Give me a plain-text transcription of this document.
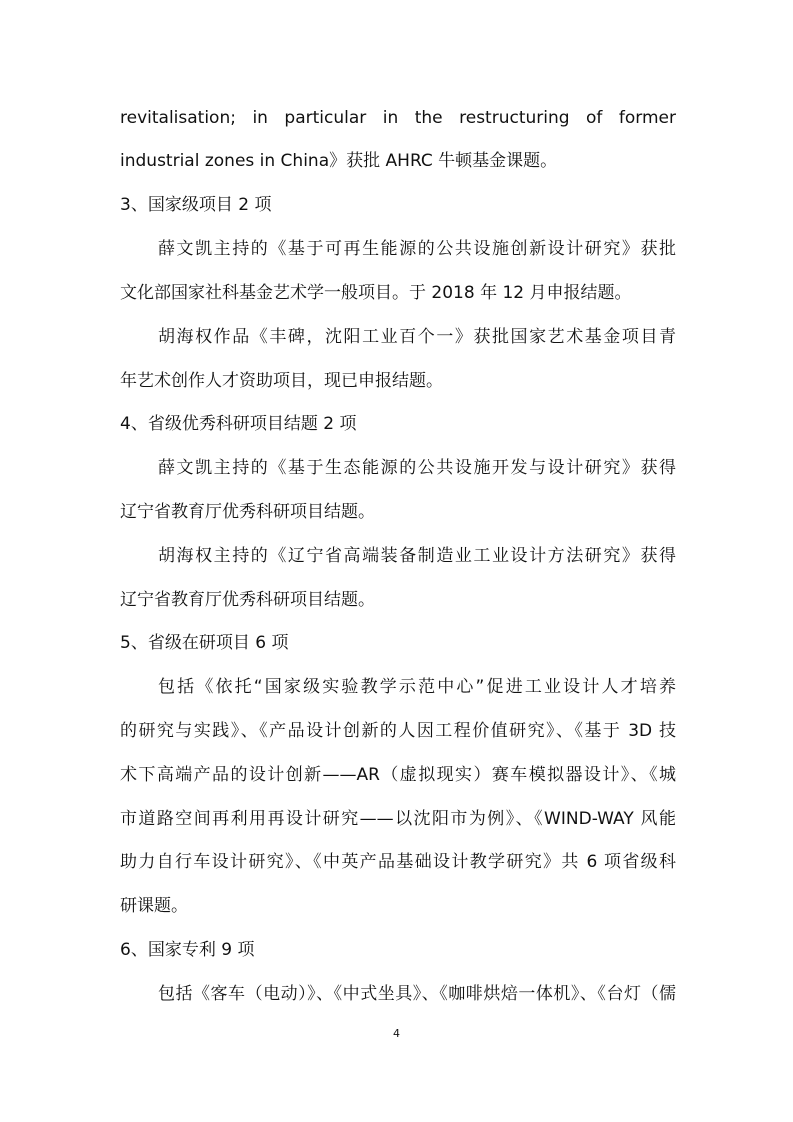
revitalisation; in particular in the restructuring of former
industrial zones in China》获批 AHRC 牛顿基金课题。
3、国家级项目 2 项
薛文凯主持的《基于可再生能源的公共设施创新设计研究》获批
文化部国家社科基金艺术学一般项目。于 2018 年 12 月申报结题。
胡海权作品《丰碑，沈阳工业百个一》获批国家艺术基金项目青
年艺术创作人才资助项目，现已申报结题。
4、省级优秀科研项目结题 2 项
薛文凯主持的《基于生态能源的公共设施开发与设计研究》获得
辽宁省教育厅优秀科研项目结题。
胡海权主持的《辽宁省高端装备制造业工业设计方法研究》获得
辽宁省教育厅优秀科研项目结题。
5、省级在研项目 6 项
包括《依托“国家级实验教学示范中心”促进工业设计人才培养
的研究与实践》、《产品设计创新的人因工程价值研究》、《基于 3D 技
术下高端产品的设计创新——AR（虚拟现实）赛车模拟器设计》、《城
市道路空间再利用再设计研究——以沈阳市为例》、《WIND-WAY 风能
助力自行车设计研究》、《中英产品基础设计教学研究》共 6 项省级科
研课题。
6、国家专利 9 项
包括《客车（电动）》、《中式坐具》、《咖啡烘焙一体机》、《台灯（儒
4
